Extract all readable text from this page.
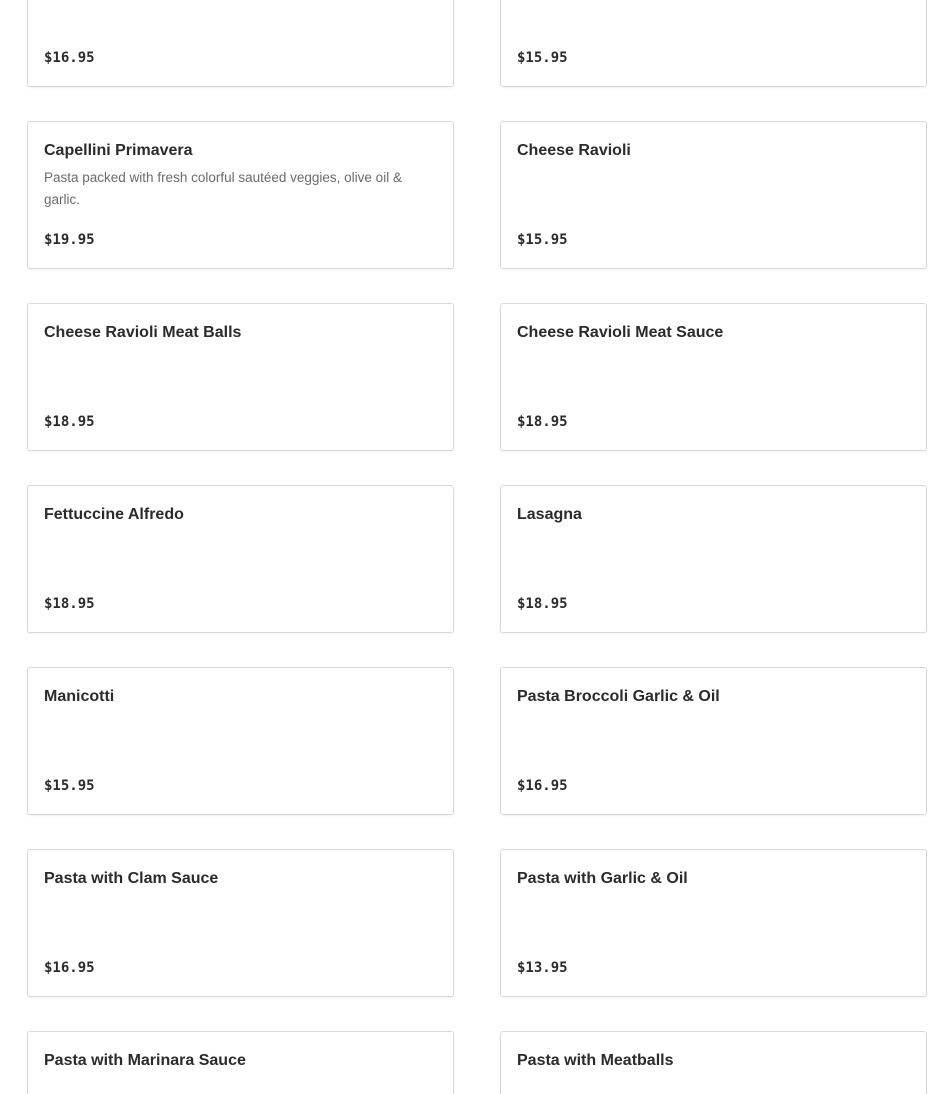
$16.95	$15.95
Capellini Primavera
Pasta packed with fresh colorful sautéed veggies, olive oil & garlic.
$19.95
Cheese Ravioli
$15.95
Cheese Ravioli Meat Balls
$18.95
Cheese Ravioli Meat Sauce
$18.95
Fettuccine Alfredo
$18.95
Lasagna
$18.95
Manicotti
$15.95
Pasta Broccoli Garlic & Oil
$16.95
Pasta with Clam Sauce
$16.95
Pasta with Garlic & Oil
$13.95
Pasta with Marinara Sauce	Pasta with Meatballs
